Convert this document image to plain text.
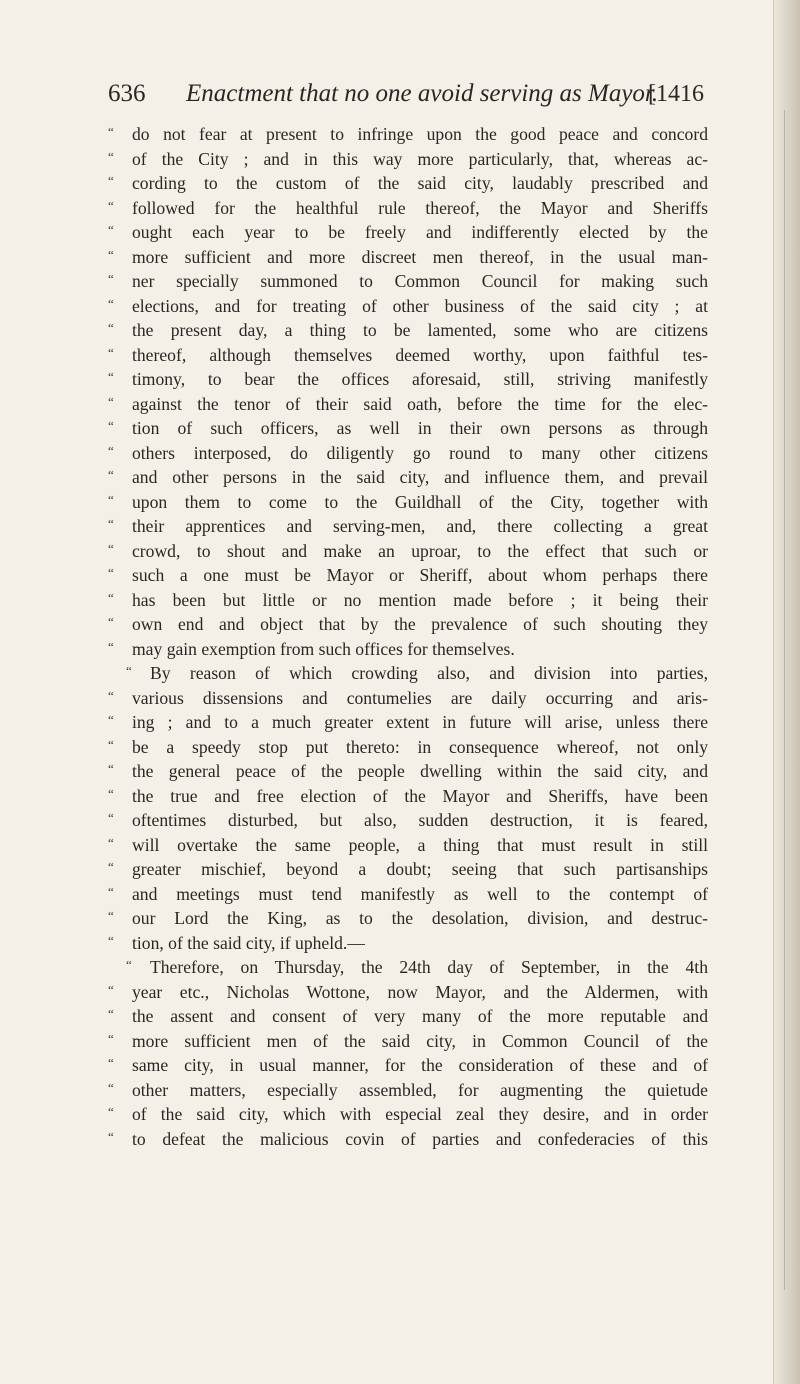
636 Enactment that no one avoid serving as Mayor.
[1416
“ do not fear at present to infringe upon the good peace and concord
“ of the City ; and in this way more particularly, that, whereas ac-
“ cording to the custom of the said city, laudably prescribed and
“ followed for the healthful rule thereof, the Mayor and Sheriffs
“ ought each year to be freely and indifferently elected by the
“ more sufficient and more discreet men thereof, in the usual man-
“ ner specially summoned to Common Council for making such
“ elections, and for treating of other business of the said city ; at
“ the present day, a thing to be lamented, some who are citizens
“ thereof, although themselves deemed worthy, upon faithful tes-
“ timony, to bear the offices aforesaid, still, striving manifestly
“ against the tenor of their said oath, before the time for the elec-
“ tion of such officers, as well in their own persons as through
“ others interposed, do diligently go round to many other citizens
“ and other persons in the said city, and influence them, and prevail
“ upon them to come to the Guildhall of the City, together with
“ their apprentices and serving-men, and, there collecting a great
“ crowd, to shout and make an uproar, to the effect that such or
“ such a one must be Mayor or Sheriff, about whom perhaps there
“ has been but little or no mention made before ; it being their
“ own end and object that by the prevalence of such shouting they
“ may gain exemption from such offices for themselves.
“ By reason of which crowding also, and division into parties,
“ various dissensions and contumelies are daily occurring and aris-
“ ing ; and to a much greater extent in future will arise, unless there
“ be a speedy stop put thereto: in consequence whereof, not only
“ the general peace of the people dwelling within the said city, and
“ the true and free election of the Mayor and Sheriffs, have been
“ oftentimes disturbed, but also, sudden destruction, it is feared,
“ will overtake the same people, a thing that must result in still
“ greater mischief, beyond a doubt; seeing that such partisanships
“ and meetings must tend manifestly as well to the contempt of
“ our Lord the King, as to the desolation, division, and destruc-
“ tion, of the said city, if upheld.—
“ Therefore, on Thursday, the 24th day of September, in the 4th
“ year etc., Nicholas Wottone, now Mayor, and the Aldermen, with
“ the assent and consent of very many of the more reputable and
“ more sufficient men of the said city, in Common Council of the
“ same city, in usual manner, for the consideration of these and of
“ other matters, especially assembled, for augmenting the quietude
“ of the said city, which with especial zeal they desire, and in order
“ to defeat the malicious covin of parties and confederacies of this
